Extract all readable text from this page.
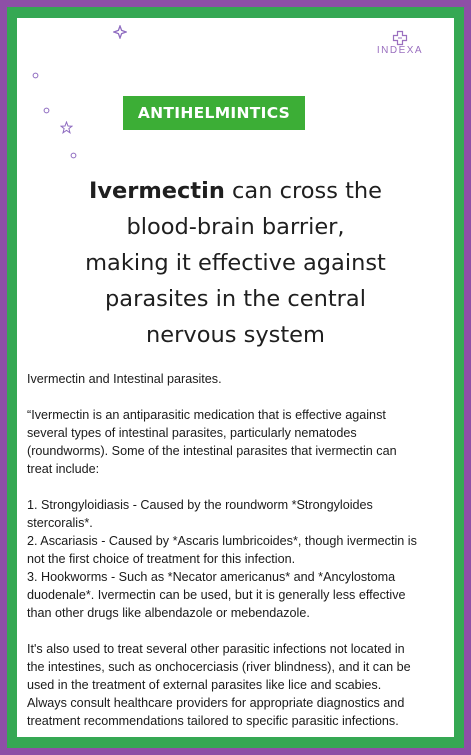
INDEXA
ANTIHELMINTICS
Ivermectin can cross the
blood-brain barrier,
making it effective against
parasites in the central
nervous system

Ivermectin and Intestinal parasites.

“Ivermectin is an antiparasitic medication that is effective against

several types of intestinal parasites, particularly nematodes

(roundworms). Some of the intestinal parasites that ivermectin can

treat include:

1. Strongyloidiasis - Caused by the roundworm *Strongyloides

stercoralis*.

2. Ascariasis - Caused by *Ascaris lumbricoides*, though ivermectin is

not the first choice of treatment for this infection.

3. Hookworms - Such as *Necator americanus* and *Ancylostoma

duodenale*. Ivermectin can be used, but it is generally less effective

than other drugs like albendazole or mebendazole.

It's also used to treat several other parasitic infections not located in

the intestines, such as onchocerciasis (river blindness), and it can be

used in the treatment of external parasites like lice and scabies.

Always consult healthcare providers for appropriate diagnostics and

treatment recommendations tailored to specific parasitic infections.
